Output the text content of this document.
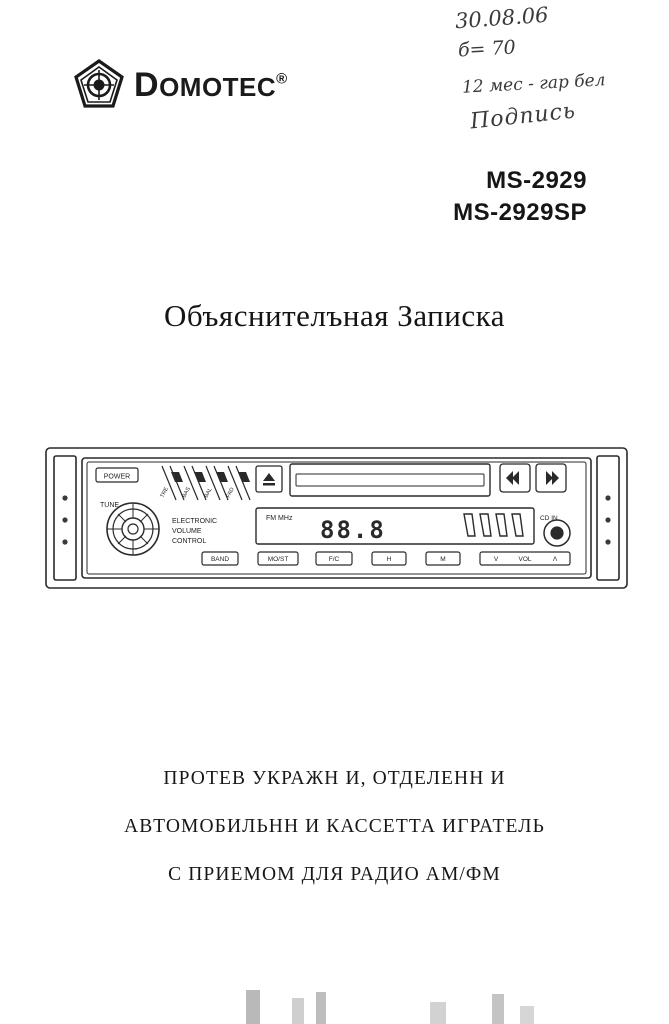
DOMOTEC®
30.08.06
б= 70
12 мес - гар бел
Подпись
MS-2929
MS-2929SP
Объяснителъная Записка
POWER
TUNE
TRE BAS BAL FAD
ELECTRONIC
VOLUME
CONTROL
FM MHz 88.8	CD IN
BAND	MO/ST	F/C	H	M	V	VOL	Λ
ПРОТЕВ УКРАЖН И, ОТДЕЛЕНН И
АВТОМОБИЛЬНН И КАССЕТТА ИГРАТЕЛЬ
С ПРИЕМОМ ДЛЯ РАДИО АМ/ФМ
